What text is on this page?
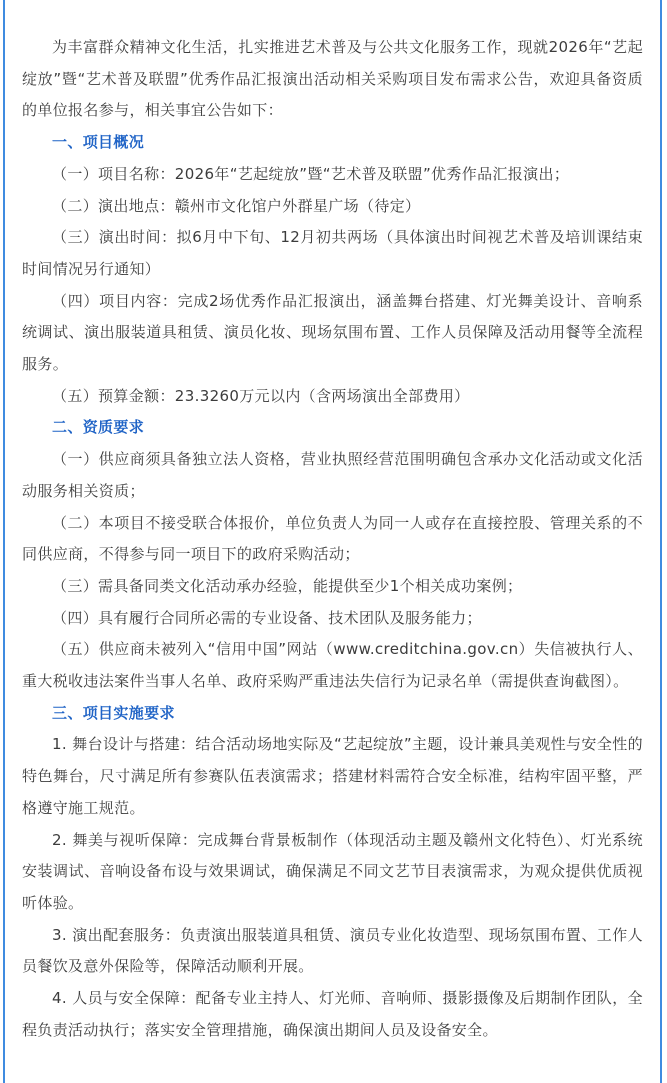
为丰富群众精神文化生活，扎实推进艺术普及与公共文化服务工作，现就2026年“艺起绽放”暨“艺术普及联盟”优秀作品汇报演出活动相关采购项目发布需求公告，欢迎具备资质的单位报名参与，相关事宜公告如下：

一、项目概况

（一）项目名称：2026年“艺起绽放”暨“艺术普及联盟”优秀作品汇报演出；

（二）演出地点：赣州市文化馆户外群星广场（待定）

（三）演出时间：拟6月中下旬、12月初共两场（具体演出时间视艺术普及培训课结束时间情况另行通知）

（四）项目内容：完成2场优秀作品汇报演出，涵盖舞台搭建、灯光舞美设计、音响系统调试、演出服装道具租赁、演员化妆、现场氛围布置、工作人员保障及活动用餐等全流程服务。

（五）预算金额：23.3260万元以内（含两场演出全部费用）

二、资质要求

（一）供应商须具备独立法人资格，营业执照经营范围明确包含承办文化活动或文化活动服务相关资质；

（二）本项目不接受联合体报价，单位负责人为同一人或存在直接控股、管理关系的不同供应商，不得参与同一项目下的政府采购活动；

（三）需具备同类文化活动承办经验，能提供至少1个相关成功案例；

（四）具有履行合同所必需的专业设备、技术团队及服务能力；

（五）供应商未被列入“信用中国”网站（www.creditchina.gov.cn）失信被执行人、重大税收违法案件当事人名单、政府采购严重违法失信行为记录名单（需提供查询截图）。

三、项目实施要求

1. 舞台设计与搭建：结合活动场地实际及“艺起绽放”主题，设计兼具美观性与安全性的特色舞台，尺寸满足所有参赛队伍表演需求；搭建材料需符合安全标准，结构牢固平整，严格遵守施工规范。

2. 舞美与视听保障：完成舞台背景板制作（体现活动主题及赣州文化特色）、灯光系统安装调试、音响设备布设与效果调试，确保满足不同文艺节目表演需求，为观众提供优质视听体验。

3. 演出配套服务：负责演出服装道具租赁、演员专业化妆造型、现场氛围布置、工作人员餐饮及意外保险等，保障活动顺利开展。

4. 人员与安全保障：配备专业主持人、灯光师、音响师、摄影摄像及后期制作团队，全程负责活动执行；落实安全管理措施，确保演出期间人员及设备安全。
